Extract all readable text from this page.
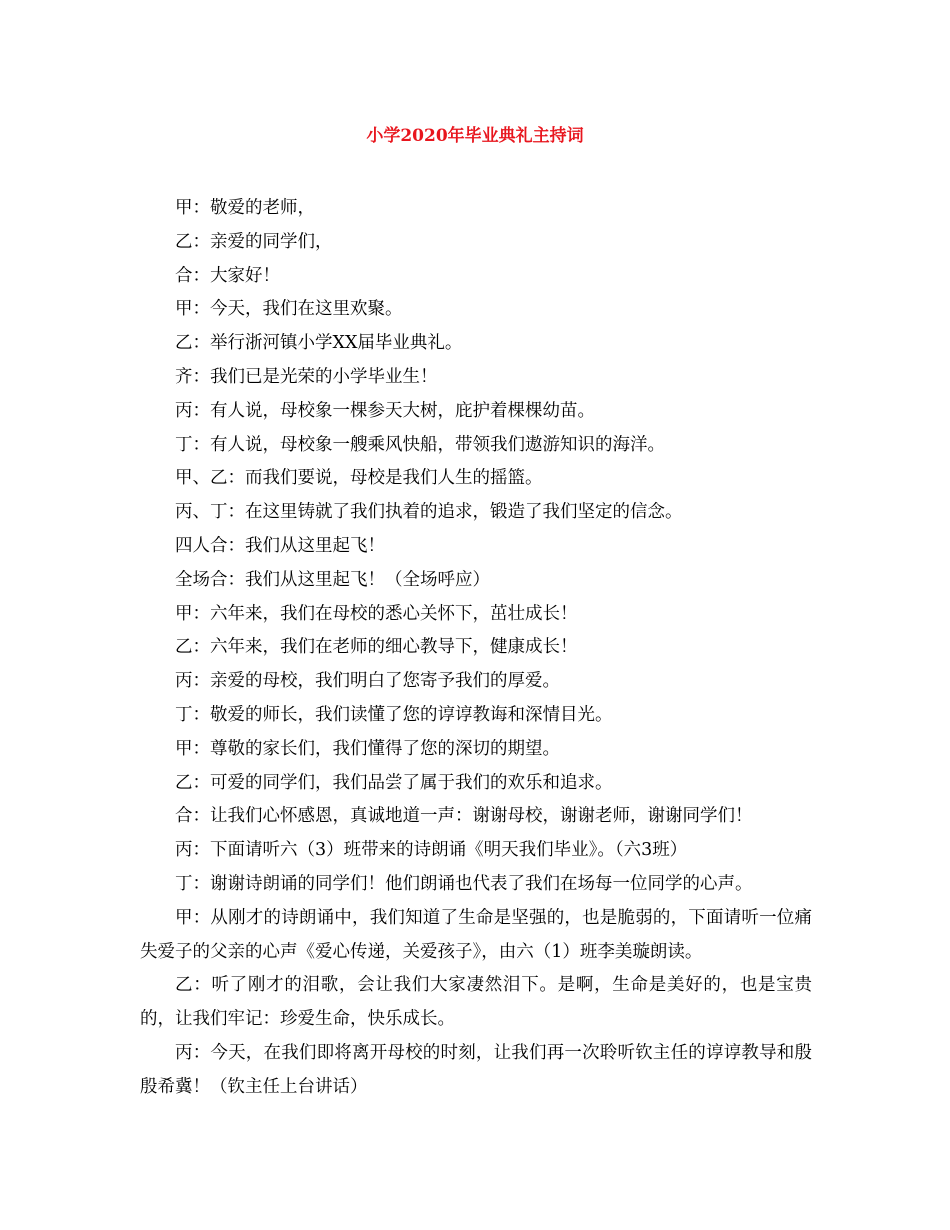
小学2020年毕业典礼主持词

甲：敬爱的老师，

乙：亲爱的同学们，

合：大家好！

甲：今天，我们在这里欢聚。

乙：举行浙河镇小学XX届毕业典礼。

齐：我们已是光荣的小学毕业生！

丙：有人说，母校象一棵参天大树，庇护着棵棵幼苗。

丁：有人说，母校象一艘乘风快船，带领我们遨游知识的海洋。

甲、乙：而我们要说，母校是我们人生的摇篮。

丙、丁：在这里铸就了我们执着的追求，锻造了我们坚定的信念。

四人合：我们从这里起飞！

全场合：我们从这里起飞！（全场呼应）

甲：六年来，我们在母校的悉心关怀下，茁壮成长！

乙：六年来，我们在老师的细心教导下，健康成长！

丙：亲爱的母校，我们明白了您寄予我们的厚爱。

丁：敬爱的师长，我们读懂了您的谆谆教诲和深情目光。

甲：尊敬的家长们，我们懂得了您的深切的期望。

乙：可爱的同学们，我们品尝了属于我们的欢乐和追求。

合：让我们心怀感恩，真诚地道一声：谢谢母校，谢谢老师，谢谢同学们！

丙：下面请听六（3）班带来的诗朗诵《明天我们毕业》。（六3班）

丁：谢谢诗朗诵的同学们！他们朗诵也代表了我们在场每一位同学的心声。

甲：从刚才的诗朗诵中，我们知道了生命是坚强的，也是脆弱的，下面请听一位痛失爱子的父亲的心声《爱心传递，关爱孩子》，由六（1）班李美璇朗读。

乙：听了刚才的泪歌，会让我们大家凄然泪下。是啊，生命是美好的，也是宝贵的，让我们牢记：珍爱生命，快乐成长。

丙：今天，在我们即将离开母校的时刻，让我们再一次聆听钦主任的谆谆教导和殷殷希冀！（钦主任上台讲话）
